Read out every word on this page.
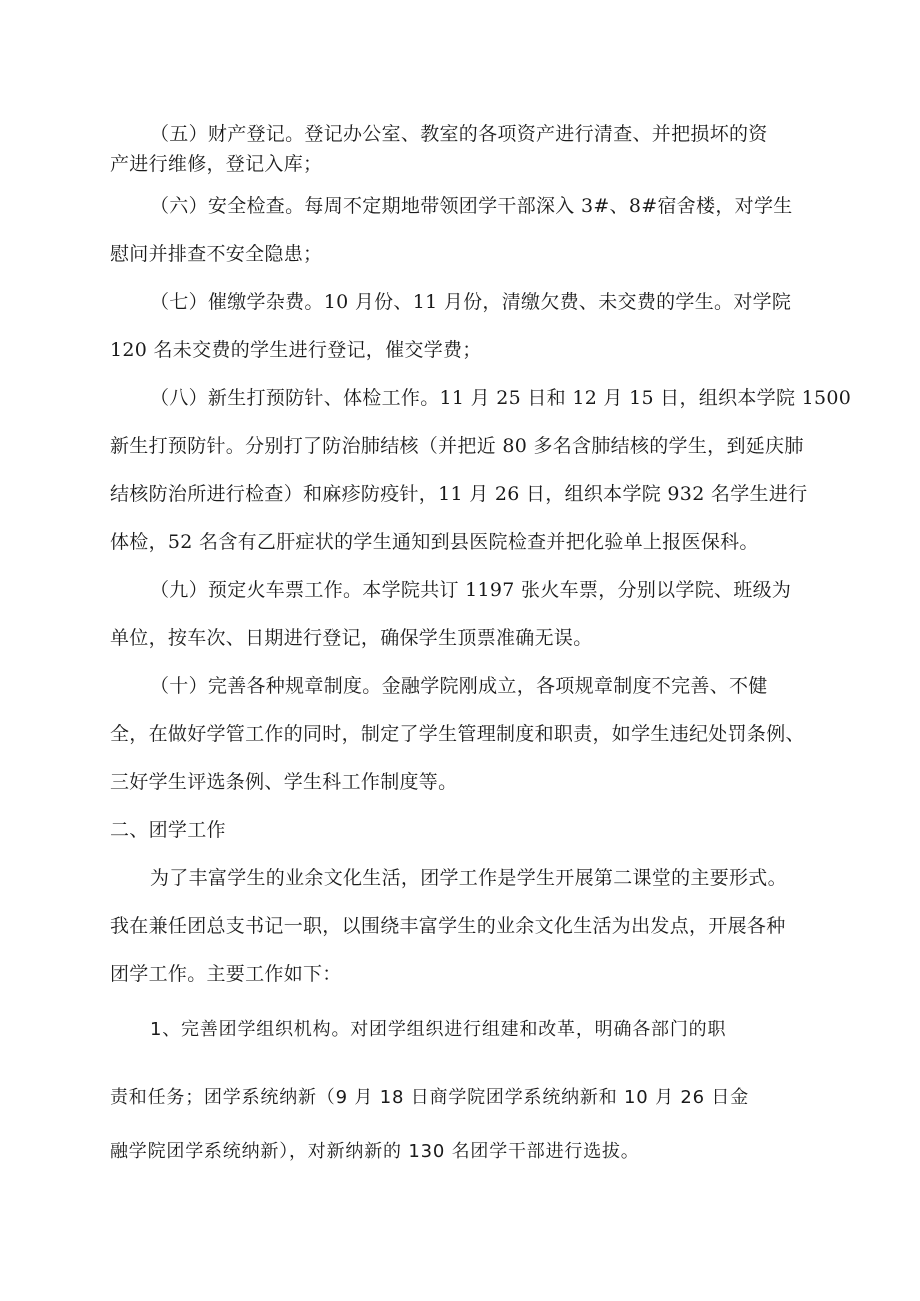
（五）财产登记。登记办公室、教室的各项资产进行清查、并把损坏的资
产进行维修，登记入库；
（六）安全检查。每周不定期地带领团学干部深入 3#、8#宿舍楼，对学生
慰问并排查不安全隐患；
（七）催缴学杂费。10 月份、11 月份，清缴欠费、未交费的学生。对学院
120 名未交费的学生进行登记，催交学费；
（八）新生打预防针、体检工作。11 月 25 日和 12 月 15 日，组织本学院 1500
新生打预防针。分别打了防治肺结核（并把近 80 多名含肺结核的学生，到延庆肺
结核防治所进行检查）和麻疹防疫针，11 月 26 日，组织本学院 932 名学生进行
体检，52 名含有乙肝症状的学生通知到县医院检查并把化验单上报医保科。
（九）预定火车票工作。本学院共订 1197 张火车票，分别以学院、班级为
单位，按车次、日期进行登记，确保学生顶票准确无误。
（十）完善各种规章制度。金融学院刚成立，各项规章制度不完善、不健
全，在做好学管工作的同时，制定了学生管理制度和职责，如学生违纪处罚条例、
三好学生评选条例、学生科工作制度等。
二、团学工作
为了丰富学生的业余文化生活，团学工作是学生开展第二课堂的主要形式。
我在兼任团总支书记一职，以围绕丰富学生的业余文化生活为出发点，开展各种
团学工作。主要工作如下：
1、完善团学组织机构。对团学组织进行组建和改革，明确各部门的职
责和任务；团学系统纳新（9 月 18 日商学院团学系统纳新和 10 月 26 日金
融学院团学系统纳新），对新纳新的 130 名团学干部进行选拔。
